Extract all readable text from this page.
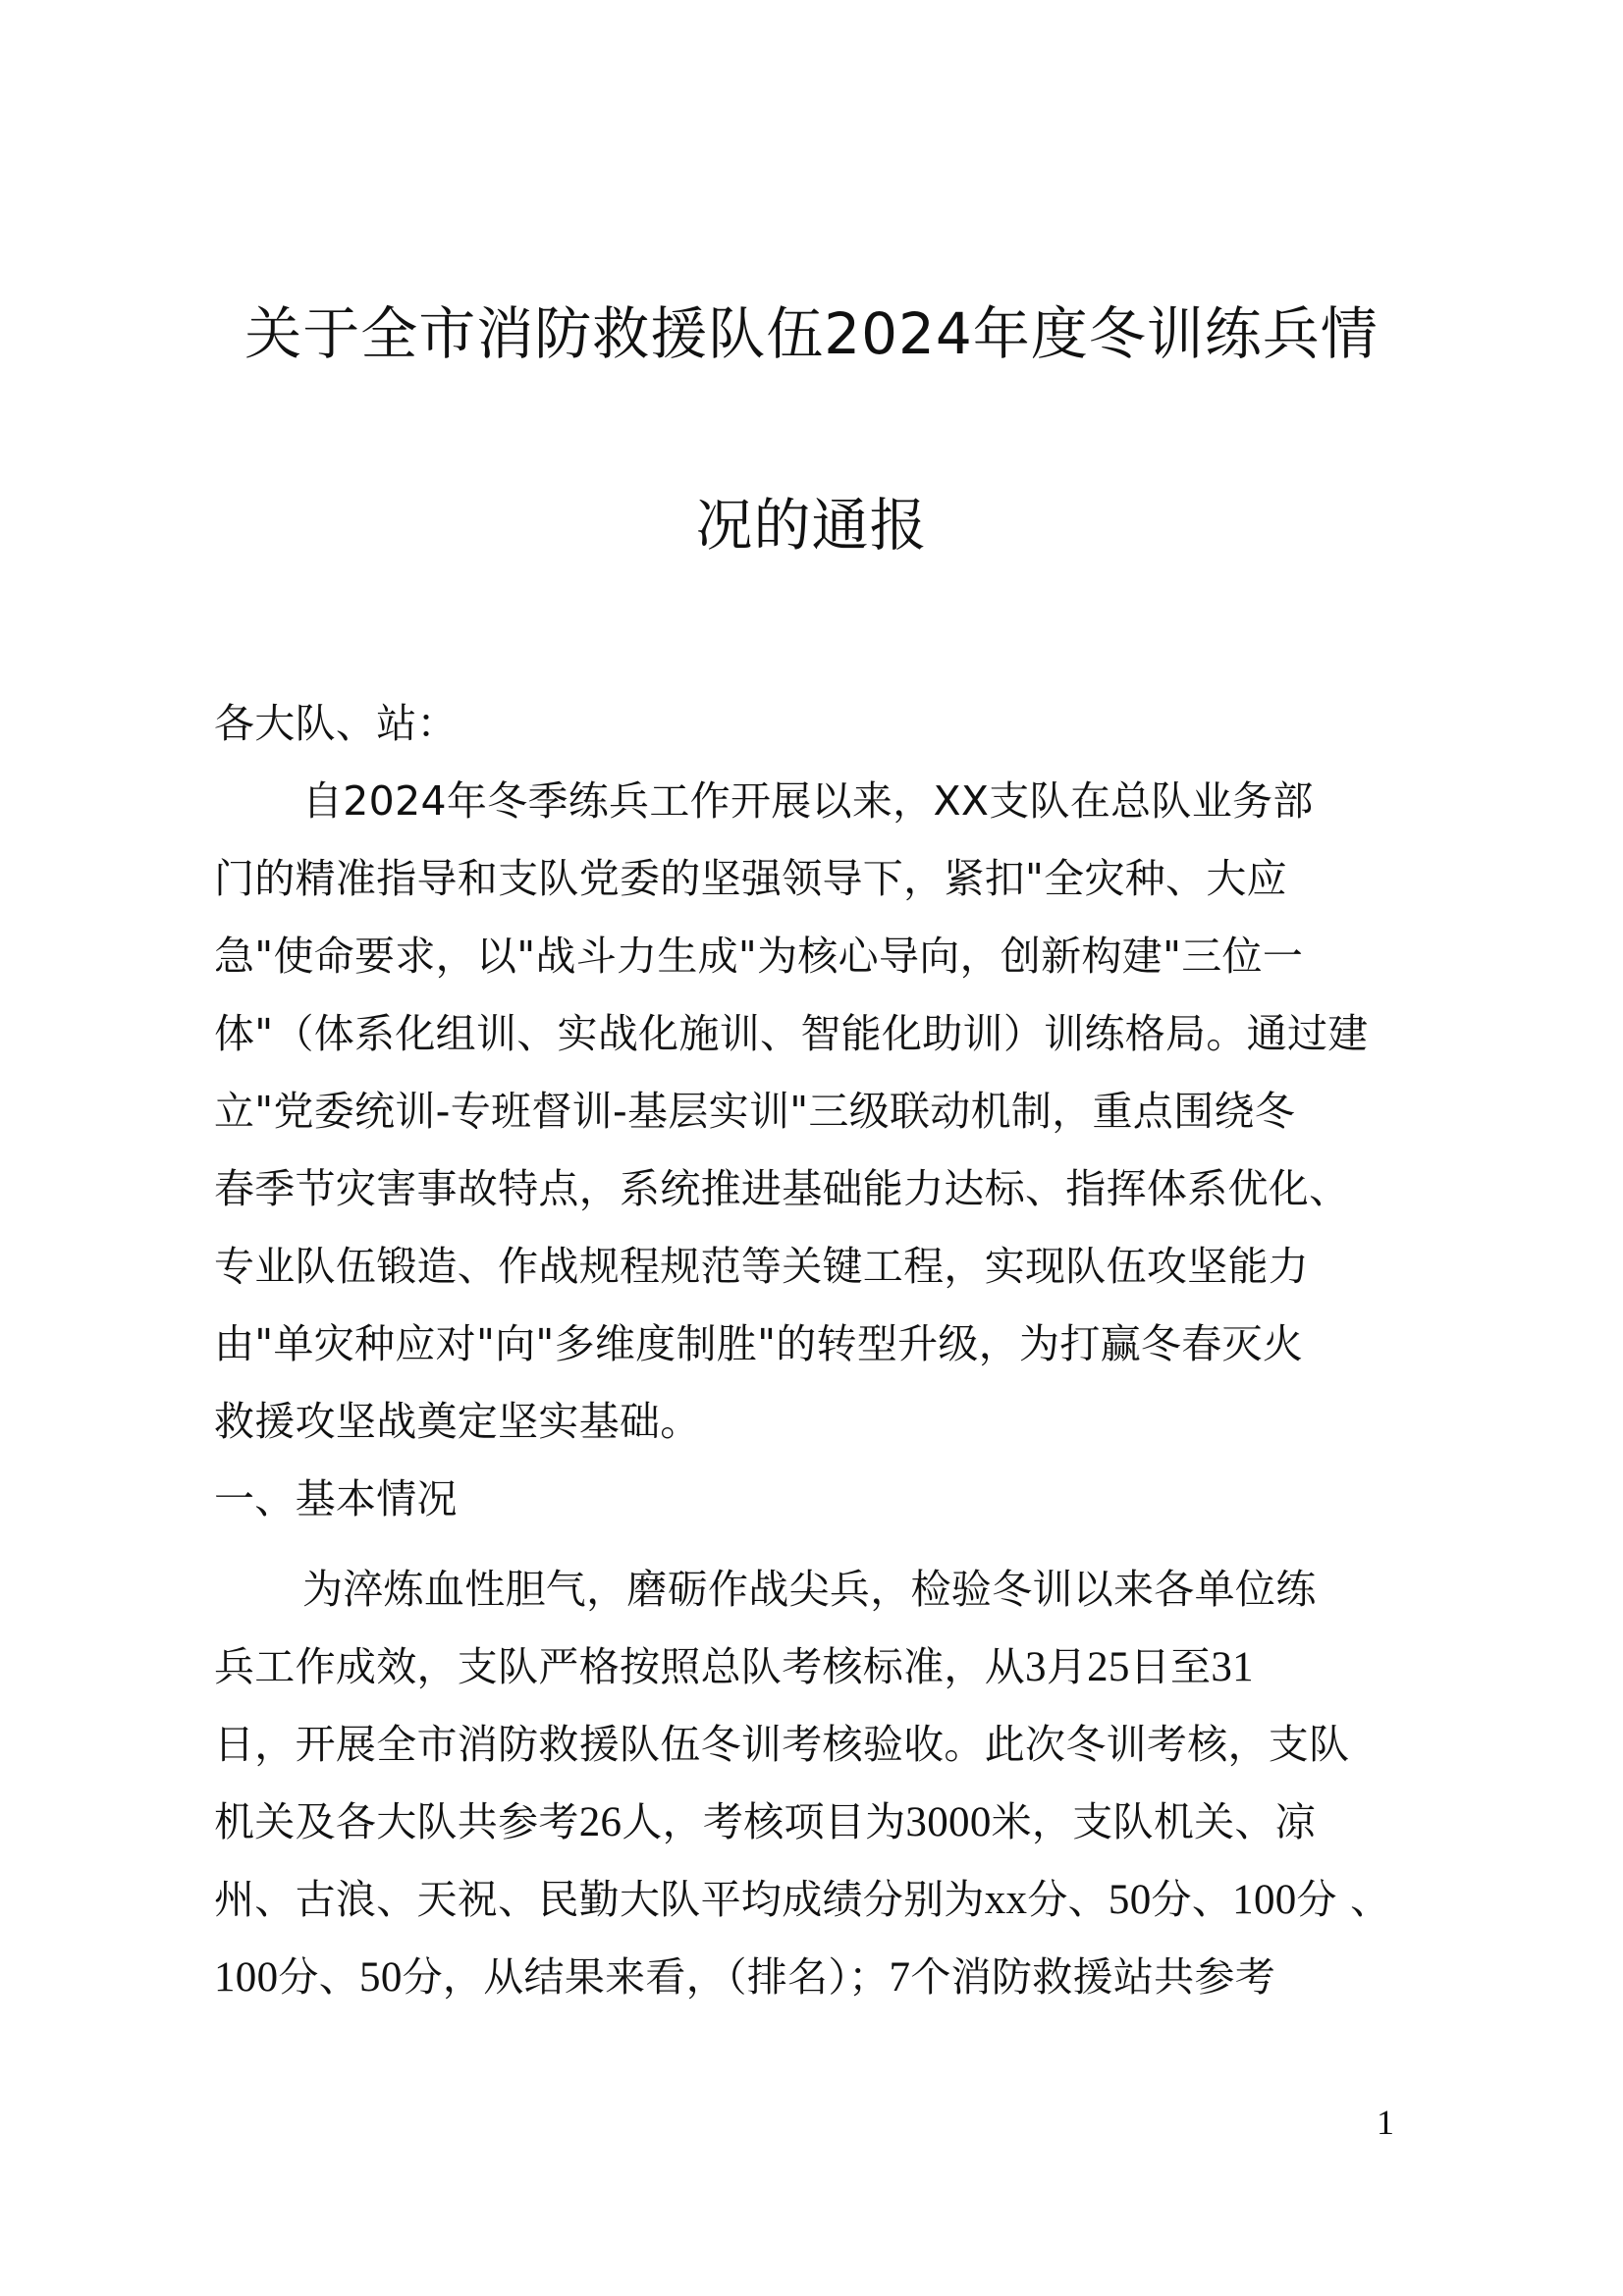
关于全市消防救援队伍2024年度冬训练兵情
况的通报
各大队、站：
自2024年冬季练兵工作开展以来，XX支队在总队业务部
门的精准指导和支队党委的坚强领导下，紧扣"全灾种、大应
急"使命要求，以"战斗力生成"为核心导向，创新构建"三位一
体"（体系化组训、实战化施训、智能化助训）训练格局。通过建
立"党委统训-专班督训-基层实训"三级联动机制，重点围绕冬
春季节灾害事故特点，系统推进基础能力达标、指挥体系优化、
专业队伍锻造、作战规程规范等关键工程，实现队伍攻坚能力
由"单灾种应对"向"多维度制胜"的转型升级，为打赢冬春灭火
救援攻坚战奠定坚实基础。
一、基本情况
为淬炼血性胆气，磨砺作战尖兵，检验冬训以来各单位练
兵工作成效，支队严格按照总队考核标准，从3月25日至31
日，开展全市消防救援队伍冬训考核验收。此次冬训考核，支队
机关及各大队共参考26人，考核项目为3000米，支队机关、凉
州、古浪、天祝、民勤大队平均成绩分别为xx分、50分、100分 、
100分、50分，从结果来看，（排名）；7个消防救援站共参考
1
